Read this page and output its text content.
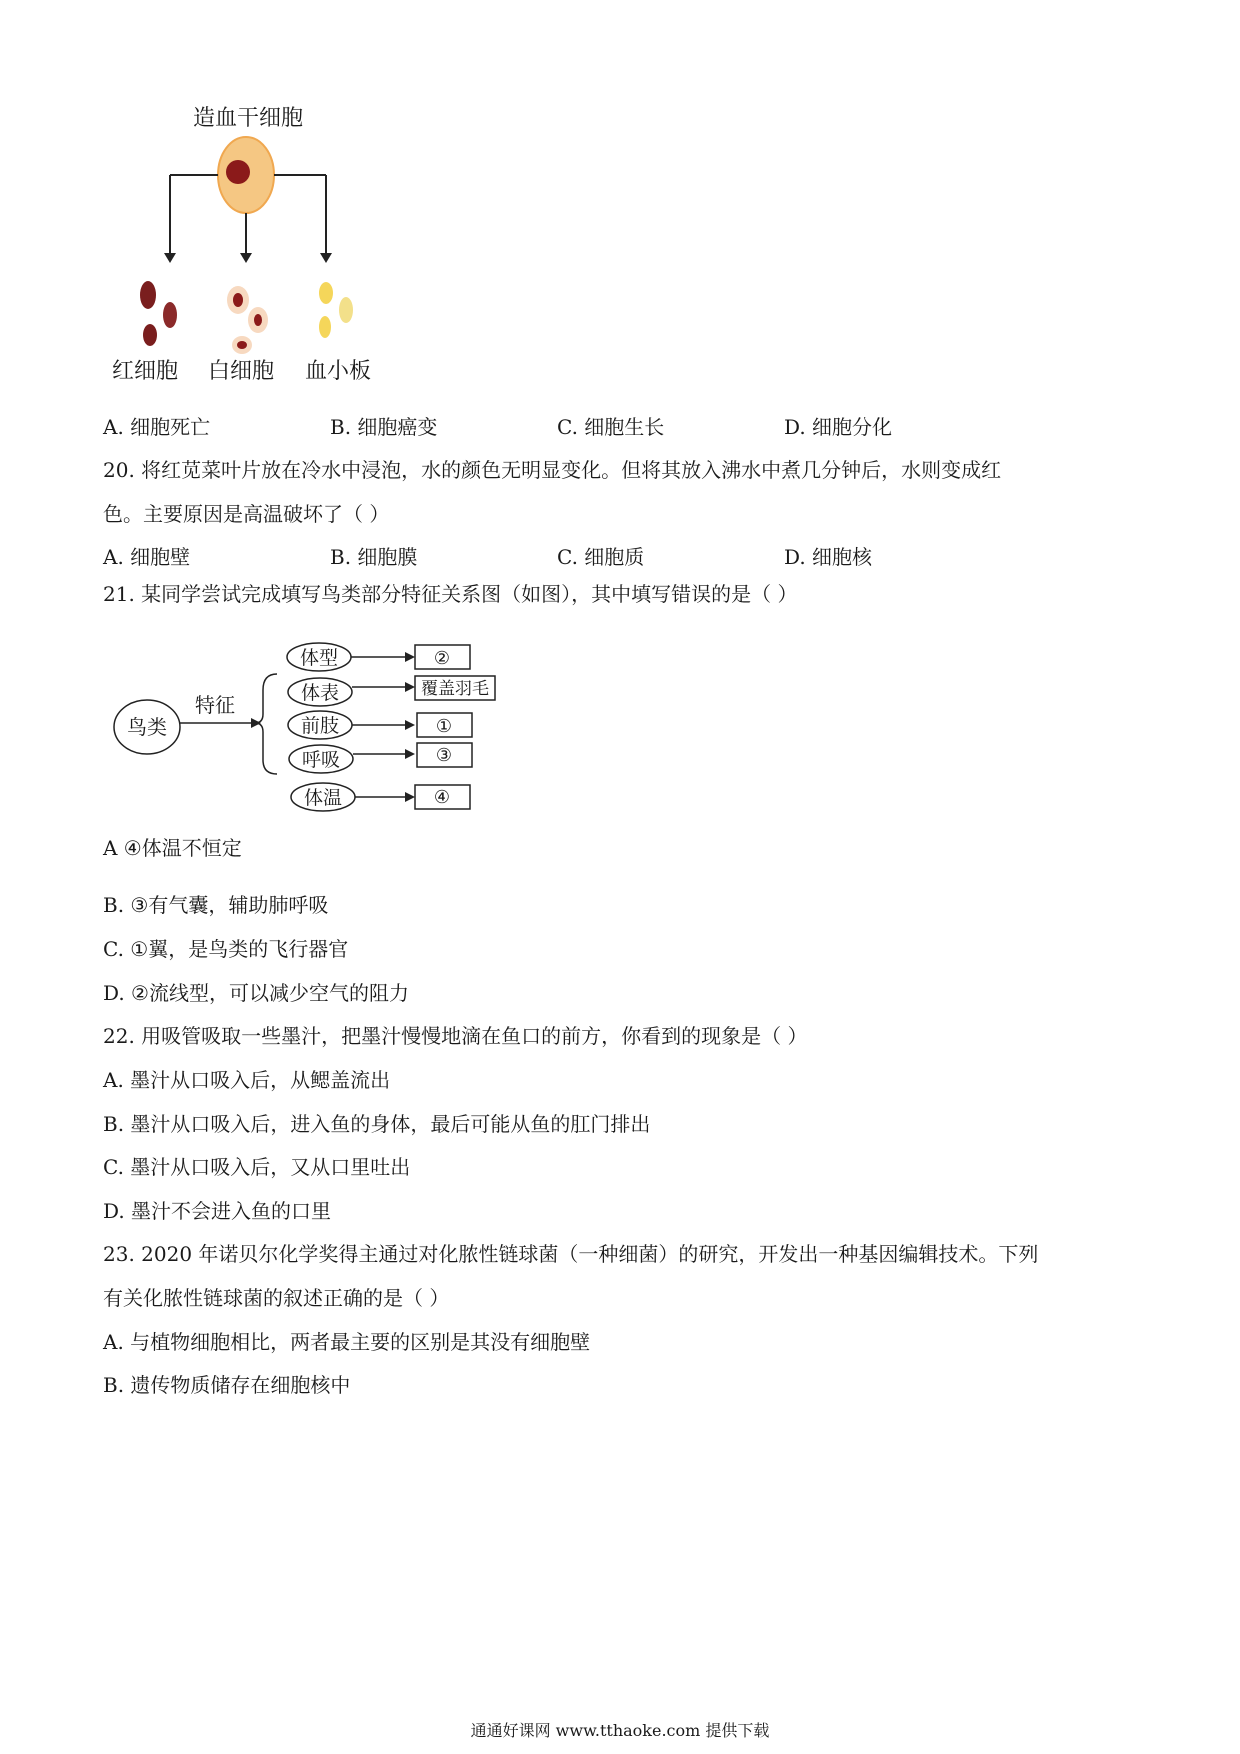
造血干细胞
红细胞 白细胞 血小板
A. 细胞死亡	B. 细胞癌变	C. 细胞生长	D. 细胞分化
20. 将红苋菜叶片放在冷水中浸泡，水的颜色无明显变化。但将其放入沸水中煮几分钟后，水则变成红
色。主要原因是高温破坏了（ ）
A. 细胞壁	B. 细胞膜	C. 细胞质	D. 细胞核
21. 某同学尝试完成填写鸟类部分特征关系图（如图），其中填写错误的是（ ）
鸟类
特征
体型	②
体表	覆盖羽毛
前肢	①
呼吸	③
体温	④
A ④体温不恒定
B. ③有气囊，辅助肺呼吸
C. ①翼，是鸟类的飞行器官
D. ②流线型，可以减少空气的阻力
22. 用吸管吸取一些墨汁，把墨汁慢慢地滴在鱼口的前方，你看到的现象是（ ）
A. 墨汁从口吸入后，从鳃盖流出
B. 墨汁从口吸入后，进入鱼的身体，最后可能从鱼的肛门排出
C. 墨汁从口吸入后，又从口里吐出
D. 墨汁不会进入鱼的口里
23. 2020 年诺贝尔化学奖得主通过对化脓性链球菌（一种细菌）的研究，开发出一种基因编辑技术。下列
有关化脓性链球菌的叙述正确的是（ ）
A. 与植物细胞相比，两者最主要的区别是其没有细胞壁
B. 遗传物质储存在细胞核中
通通好课网 www.tthaoke.com 提供下载
